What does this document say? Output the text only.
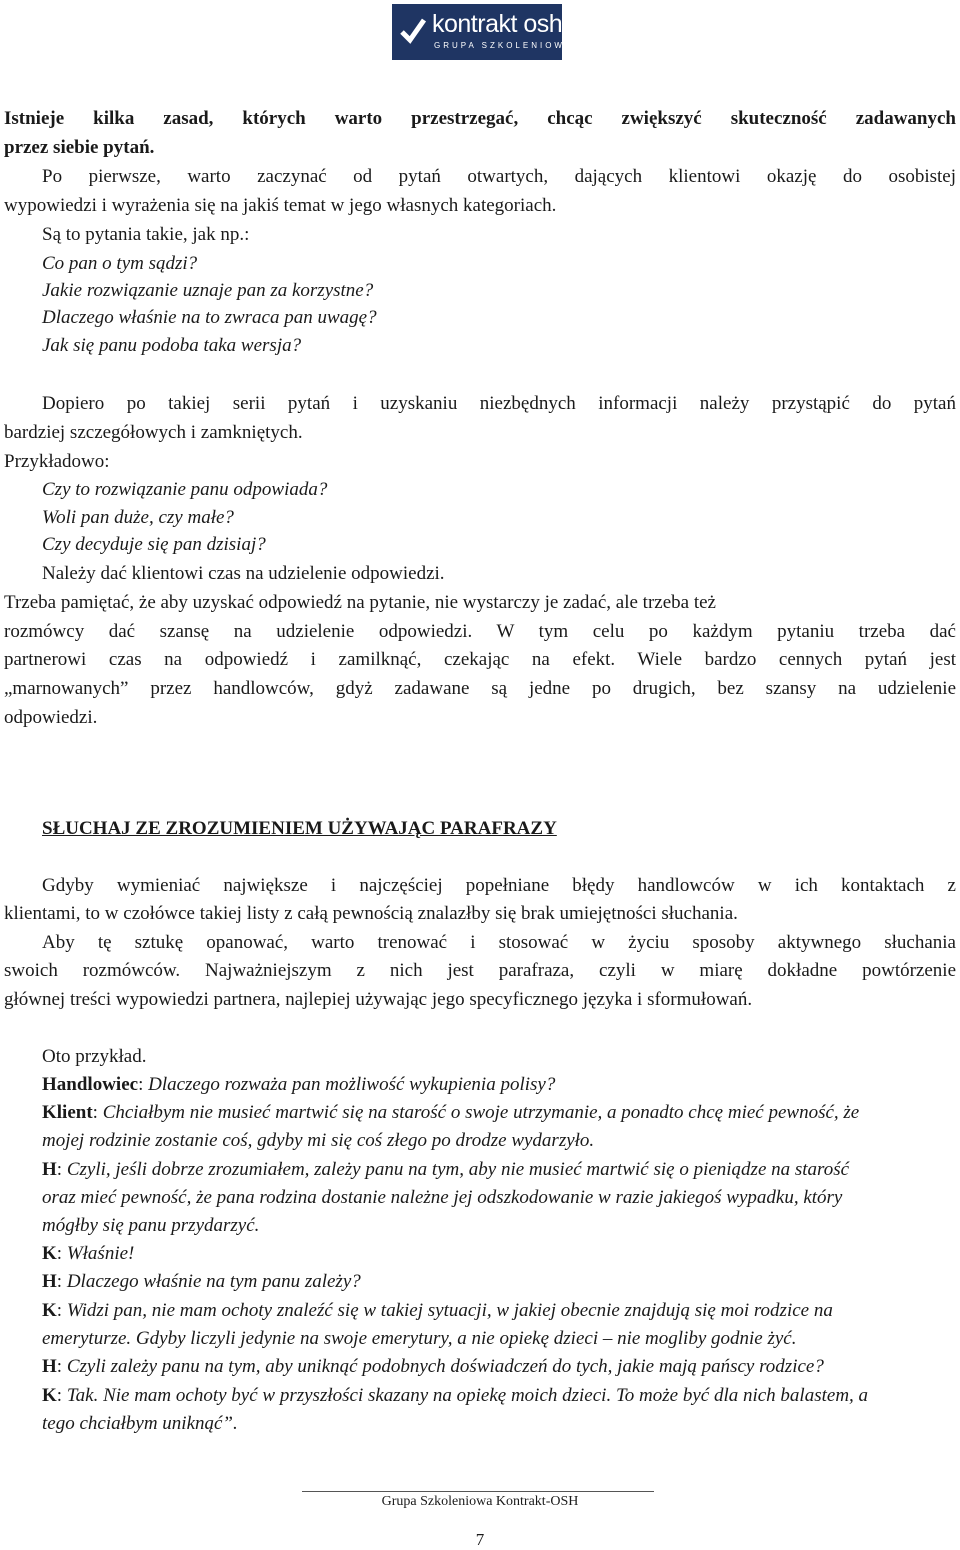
kontrakt osh
GRUPA SZKOLENIOWA
Istnieje kilka zasad, których warto przestrzegać, chcąc zwiększyć skuteczność zadawanych
przez siebie pytań.
Po pierwsze, warto zaczynać od pytań otwartych, dających klientowi okazję do osobistej
wypowiedzi i wyrażenia się na jakiś temat w jego własnych kategoriach.
Są to pytania takie, jak np.:
Co pan o tym sądzi?
Jakie rozwiązanie uznaje pan za korzystne?
Dlaczego właśnie na to zwraca pan uwagę?
Jak się panu podoba taka wersja?
Dopiero po takiej serii pytań i uzyskaniu niezbędnych informacji należy przystąpić do pytań
bardziej szczegółowych i zamkniętych.
Przykładowo:
Czy to rozwiązanie panu odpowiada?
Woli pan duże, czy małe?
Czy decyduje się pan dzisiaj?
Należy dać klientowi czas na udzielenie odpowiedzi.
Trzeba pamiętać, że aby uzyskać odpowiedź na pytanie, nie wystarczy je zadać, ale trzeba też
rozmówcy dać szansę na udzielenie odpowiedzi. W tym celu po każdym pytaniu trzeba dać
partnerowi czas na odpowiedź i zamilknąć, czekając na efekt. Wiele bardzo cennych pytań jest
„marnowanych” przez handlowców, gdyż zadawane są jedne po drugich, bez szansy na udzielenie
odpowiedzi.
SŁUCHAJ ZE ZROZUMIENIEM UŻYWAJĄC PARAFRAZY
Gdyby wymieniać największe i najczęściej popełniane błędy handlowców w ich kontaktach z
klientami, to w czołówce takiej listy z całą pewnością znalazłby się brak umiejętności słuchania.
Aby tę sztukę opanować, warto trenować i stosować w życiu sposoby aktywnego słuchania
swoich rozmówców. Najważniejszym z nich jest parafraza, czyli w miarę dokładne powtórzenie
głównej treści wypowiedzi partnera, najlepiej używając jego specyficznego języka i sformułowań.
Oto przykład.
Handlowiec: Dlaczego rozważa pan możliwość wykupienia polisy?
Klient: Chciałbym nie musieć martwić się na starość o swoje utrzymanie, a ponadto chcę mieć pewność, że
mojej rodzinie zostanie coś, gdyby mi się coś złego po drodze wydarzyło.
H: Czyli, jeśli dobrze zrozumiałem, zależy panu na tym, aby nie musieć martwić się o pieniądze na starość
oraz mieć pewność, że pana rodzina dostanie należne jej odszkodowanie w razie jakiegoś wypadku, który
mógłby się panu przydarzyć.
K: Właśnie!
H: Dlaczego właśnie na tym panu zależy?
K: Widzi pan, nie mam ochoty znaleźć się w takiej sytuacji, w jakiej obecnie znajdują się moi rodzice na
emeryturze. Gdyby liczyli jedynie na swoje emerytury, a nie opiekę dzieci – nie mogliby godnie żyć.
H: Czyli zależy panu na tym, aby uniknąć podobnych doświadczeń do tych, jakie mają pańscy rodzice?
K: Tak. Nie mam ochoty być w przyszłości skazany na opiekę moich dzieci. To może być dla nich balastem, a
tego chciałbym uniknąć”.
Grupa Szkoleniowa Kontrakt-OSH
7
